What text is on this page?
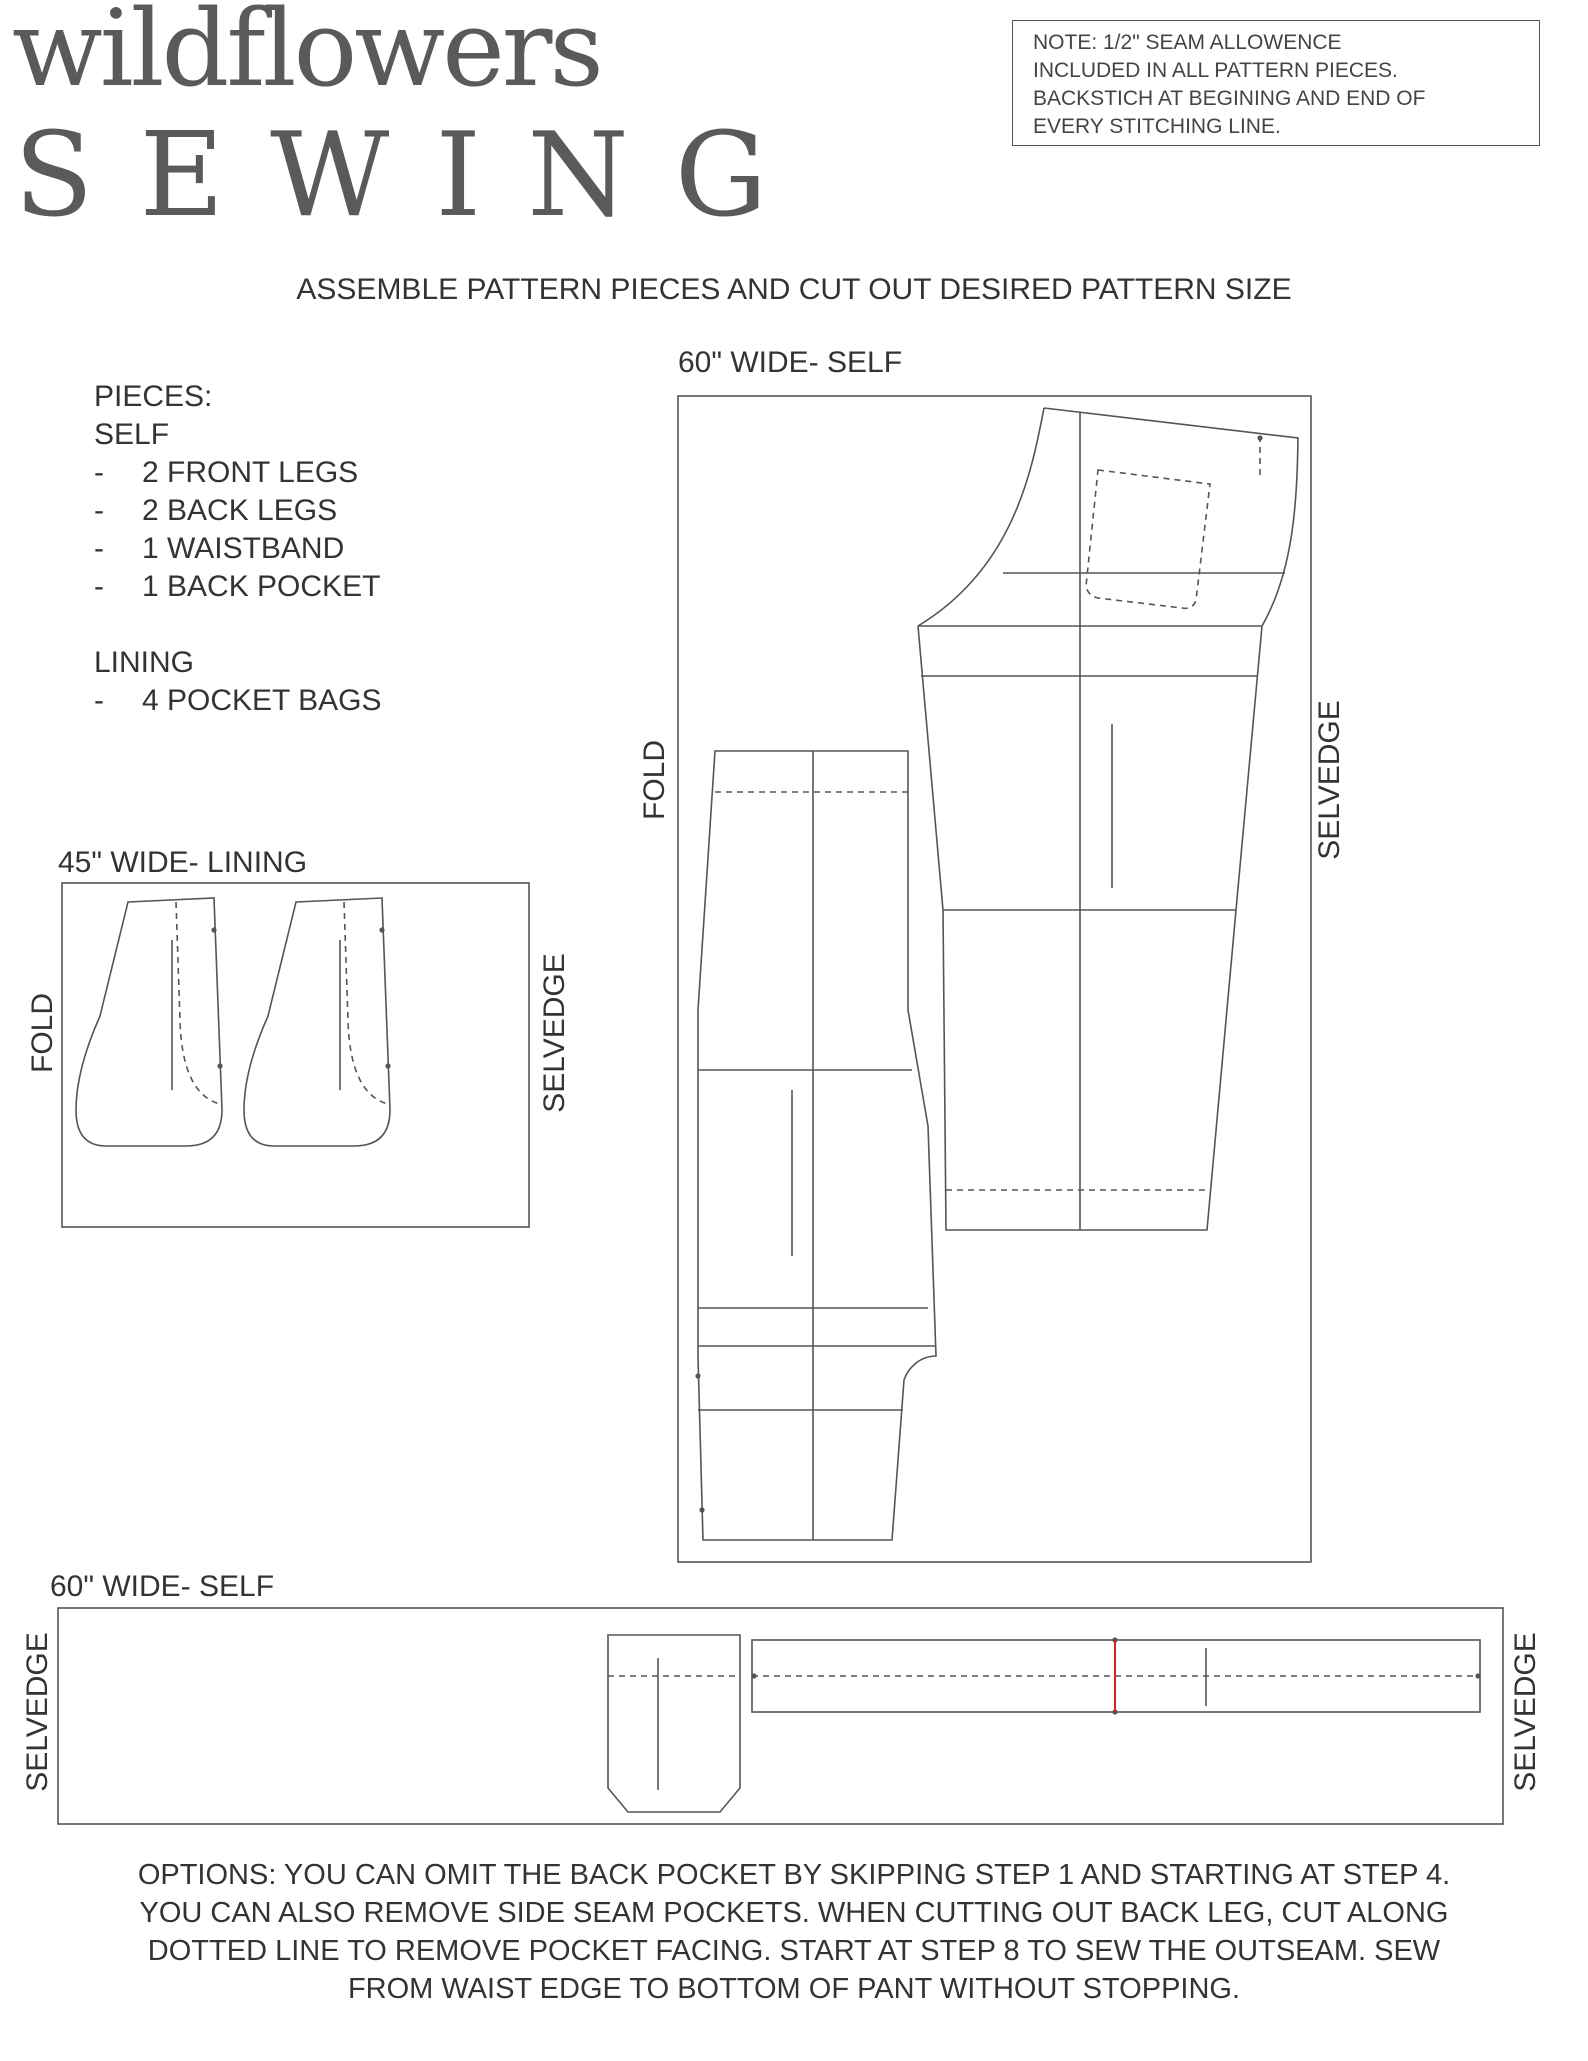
wildflowers
SEWING
NOTE: 1/2" SEAM ALLOWENCE
INCLUDED IN ALL PATTERN PIECES.
BACKSTICH AT BEGINING AND END OF
EVERY STITCHING LINE.
ASSEMBLE PATTERN PIECES AND CUT OUT DESIRED PATTERN SIZE
PIECES:
SELF
- 2 FRONT LEGS
- 2 BACK LEGS
- 1 WAISTBAND
- 1 BACK POCKET
LINING
- 4 POCKET BAGS
60" WIDE- SELF
45" WIDE- LINING
60" WIDE- SELF
FOLD	SELVEDGE
FOLD	SELVEDGE
SELVEDGE	SELVEDGE
OPTIONS: YOU CAN OMIT THE BACK POCKET BY SKIPPING STEP 1 AND STARTING AT STEP 4.
YOU CAN ALSO REMOVE SIDE SEAM POCKETS. WHEN CUTTING OUT BACK LEG, CUT ALONG
DOTTED LINE TO REMOVE POCKET FACING. START AT STEP 8 TO SEW THE OUTSEAM. SEW
FROM WAIST EDGE TO BOTTOM OF PANT WITHOUT STOPPING.
